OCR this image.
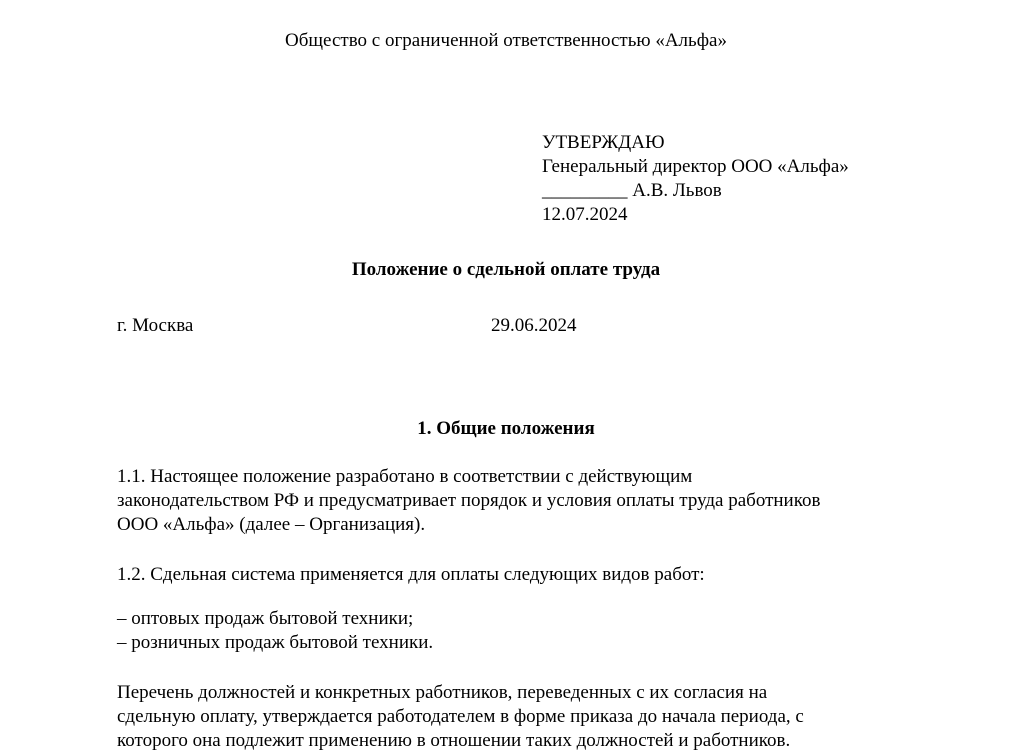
Общество с ограниченной ответственностью «Альфа»
УТВЕРЖДАЮ
Генеральный директор ООО «Альфа»
_________ А.В. Львов
12.07.2024
Положение о сдельной оплате труда
г. Москва	29.06.2024
1. Общие положения
1.1. Настоящее положение разработано в соответствии с действующим
законодательством РФ и предусматривает порядок и условия оплаты труда работников
ООО «Альфа» (далее – Организация).
1.2. Сдельная система применяется для оплаты следующих видов работ:
– оптовых продаж бытовой техники;
– розничных продаж бытовой техники.
Перечень должностей и конкретных работников, переведенных с их согласия на
сдельную оплату, утверждается работодателем в форме приказа до начала периода, с
которого она подлежит применению в отношении таких должностей и работников.
